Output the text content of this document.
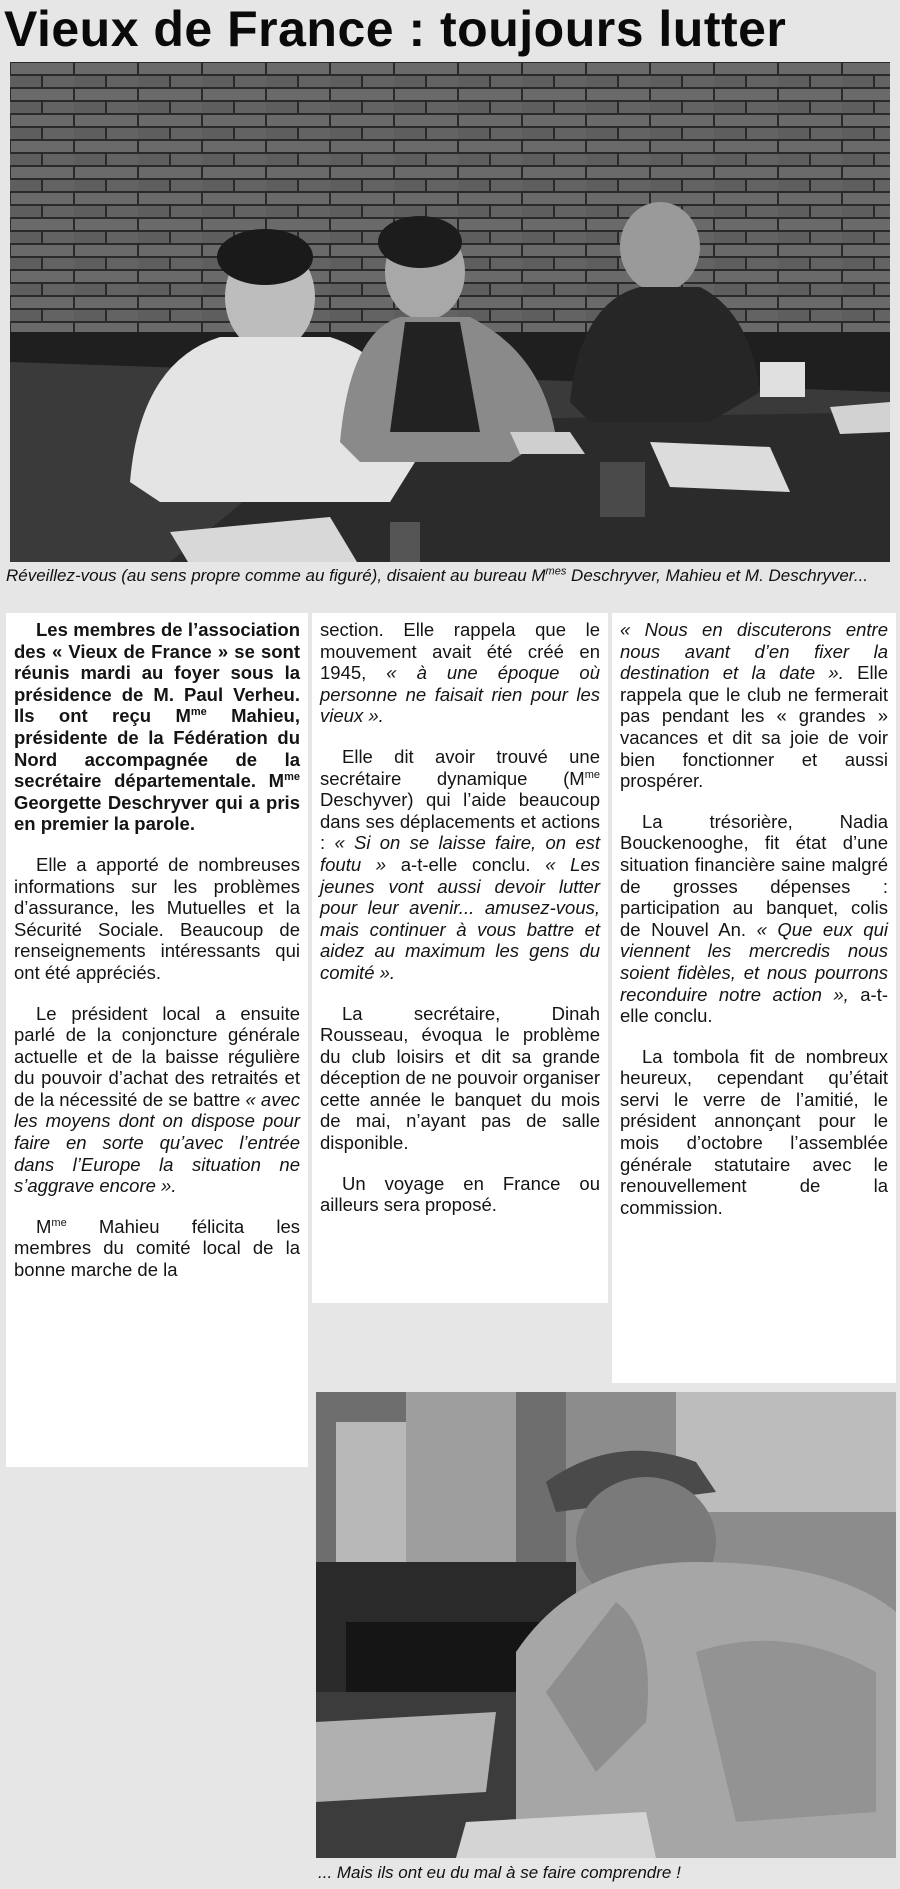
Vieux de France : toujours lutter
Réveillez-vous (au sens propre comme au figuré), disaient au bureau $M^{mes}$ Deschryver, Mahieu et M. Deschryver...

Les membres de l’association des « Vieux de France » se sont réunis mardi au foyer sous la présidence de M. Paul Verheu. Ils ont reçu $M^{me}$ Mahieu, présidente de la Fédération du Nord accompagnée de la secrétaire départementale. $M^{me}$ Georgette Deschryver qui a pris en premier la parole.

Elle a apporté de nombreuses informations sur les problèmes d’assurance, les Mutuelles et la Sécurité Sociale. Beaucoup de renseignements intéressants qui ont été appréciés.

Le président local a ensuite parlé de la conjoncture générale actuelle et de la baisse régulière du pouvoir d’achat des retraités et de la nécessité de se battre « avec les moyens dont on dispose pour faire en sorte qu’avec l’entrée dans l’Europe la situation ne s’aggrave encore ».

$M^{me}$ Mahieu félicita les membres du comité local de la bonne marche de la

section. Elle rappela que le mouvement avait été créé en 1945, « à une époque où personne ne faisait rien pour les vieux ».

Elle dit avoir trouvé une secrétaire dynamique ($M^{me}$ Deschyver) qui l’aide beaucoup dans ses déplacements et actions : « Si on se laisse faire, on est foutu » a-t-elle conclu. « Les jeunes vont aussi devoir lutter pour leur avenir... amusez-vous, mais continuer à vous battre et aidez au maximum les gens du comité ».

La secrétaire, Dinah Rousseau, évoqua le problème du club loisirs et dit sa grande déception de ne pouvoir organiser cette année le banquet du mois de mai, n’ayant pas de salle disponible.

Un voyage en France ou ailleurs sera proposé.

« Nous en discuterons entre nous avant d’en fixer la destination et la date ». Elle rappela que le club ne fermerait pas pendant les « grandes » vacances et dit sa joie de voir bien fonctionner et aussi prospérer.

La trésorière, Nadia Bouckenooghe, fit état d’une situation financière saine malgré de grosses dépenses : participation au banquet, colis de Nouvel An. « Que eux qui viennent les mercredis nous soient fidèles, et nous pourrons reconduire notre action », a-t-elle conclu.

La tombola fit de nombreux heureux, cependant qu’était servi le verre de l’amitié, le président annonçant pour le mois d’octobre l’assemblée générale statutaire avec le renouvellement de la commission.

... Mais ils ont eu du mal à se faire comprendre !
